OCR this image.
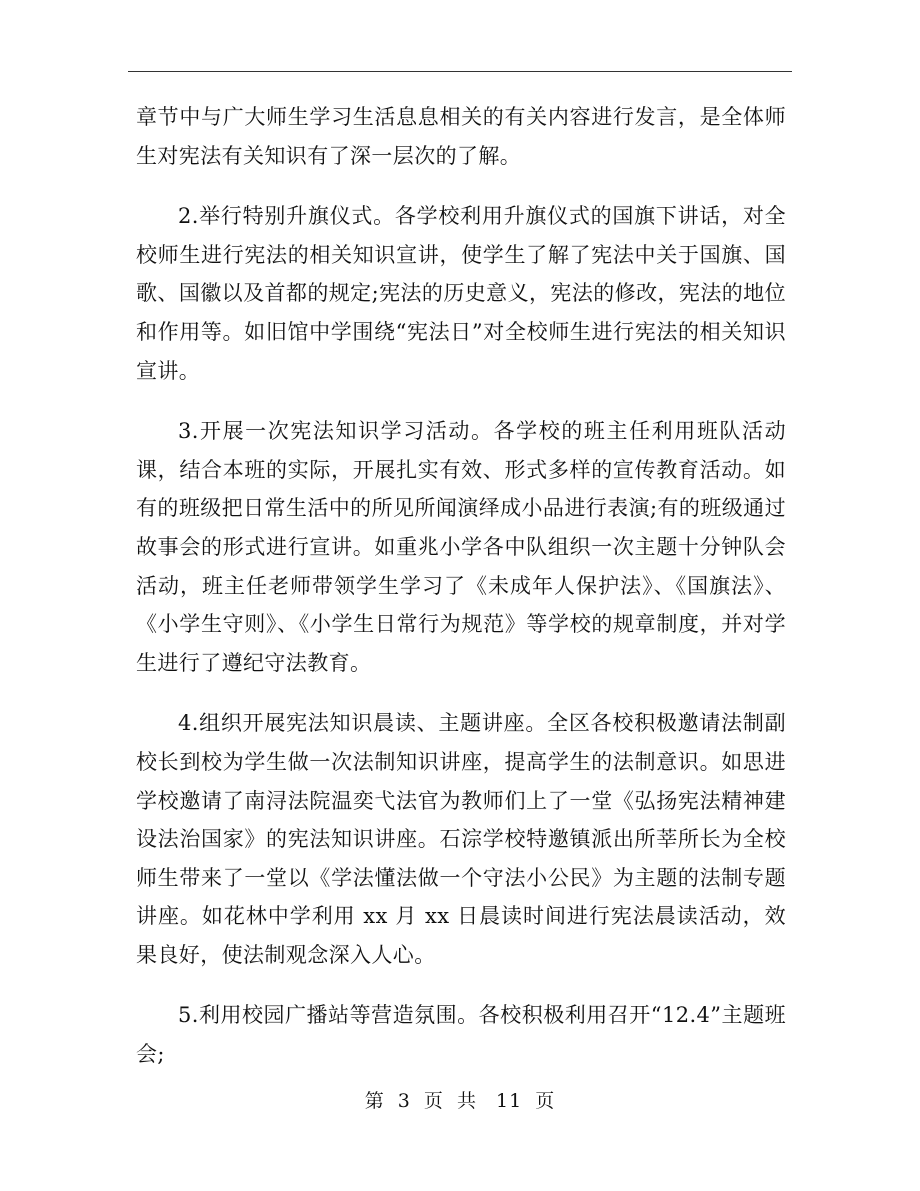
章节中与广大师生学习生活息息相关的有关内容进行发言，是全体师生对宪法有关知识有了深一层次的了解。

2.举行特别升旗仪式。各学校利用升旗仪式的国旗下讲话，对全校师生进行宪法的相关知识宣讲，使学生了解了宪法中关于国旗、国歌、国徽以及首都的规定;宪法的历史意义，宪法的修改，宪法的地位和作用等。如旧馆中学围绕“宪法日”对全校师生进行宪法的相关知识宣讲。

3.开展一次宪法知识学习活动。各学校的班主任利用班队活动课，结合本班的实际，开展扎实有效、形式多样的宣传教育活动。如有的班级把日常生活中的所见所闻演绎成小品进行表演;有的班级通过故事会的形式进行宣讲。如重兆小学各中队组织一次主题十分钟队会活动，班主任老师带领学生学习了《未成年人保护法》、《国旗法》、《小学生守则》、《小学生日常行为规范》等学校的规章制度，并对学生进行了遵纪守法教育。

4.组织开展宪法知识晨读、主题讲座。全区各校积极邀请法制副校长到校为学生做一次法制知识讲座，提高学生的法制意识。如思进学校邀请了南浔法院温奕弋法官为教师们上了一堂《弘扬宪法精神建设法治国家》的宪法知识讲座。石淙学校特邀镇派出所莘所长为全校师生带来了一堂以《学法懂法做一个守法小公民》为主题的法制专题讲座。如花林中学利用 xx 月 xx 日晨读时间进行宪法晨读活动，效果良好，使法制观念深入人心。

5.利用校园广播站等营造氛围。各校积极利用召开“12.4”主题班会;

第 3 页 共 11 页
